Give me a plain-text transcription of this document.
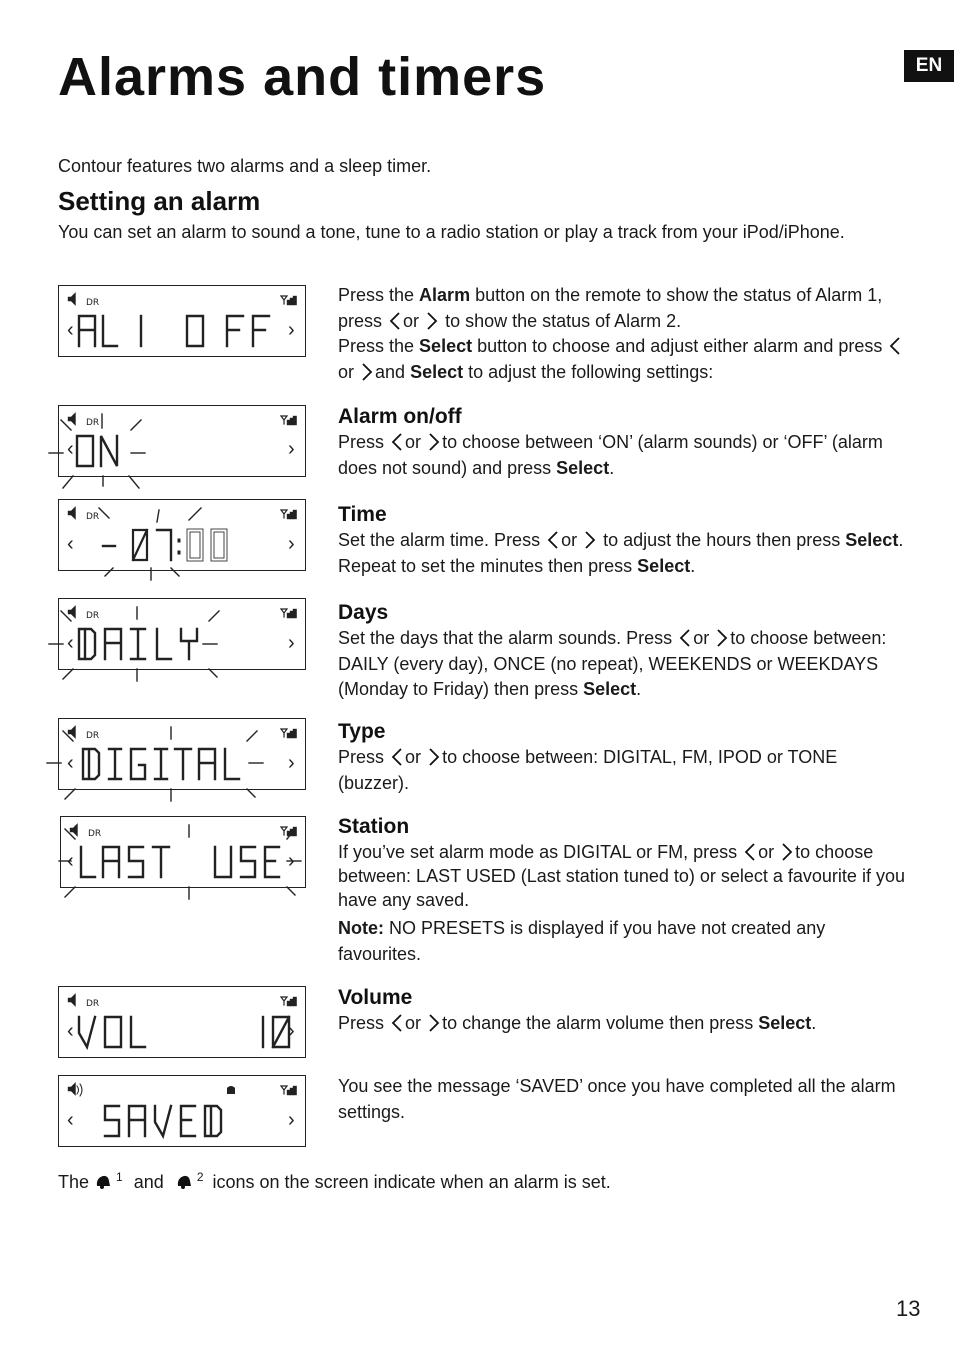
Alarms and timers	EN

Contour features two alarms and a sleep timer.

Setting an alarm

You can set an alarm to sound a tone, tune to a radio station or play a track from your iPod/iPhone.

DR
‹	›
DR
‹	›
DR
‹	›
DR
‹	›
DR
‹	›
DR
‹	›
DR
‹	›
‹	›

Press the Alarm button on the remote to show the status of Alarm 1, press or  to show the status of Alarm 2.

Press the Select button to choose and adjust either alarm and press or and Select to adjust the following settings:

Alarm on/off

Press or to choose between ‘ON’ (alarm sounds) or ‘OFF’ (alarm does not sound) and press Select.

Time

Set the alarm time. Press or  to adjust the hours then press Select. Repeat to set the minutes then press Select.

Days

Set the days that the alarm sounds. Press or to choose between: DAILY (every day), ONCE (no repeat), WEEKENDS or WEEKDAYS (Monday to Friday) then press Select.

Type

Press or to choose between: DIGITAL, FM, IPOD or TONE (buzzer).

Station

If you’ve set alarm mode as DIGITAL or FM, press or to choose between: LAST USED (Last station tuned to) or select a favourite if you have any saved.

Note: NO PRESETS is displayed if you have not created any favourites.

Volume

Press or to change the alarm volume then press Select.

You see the message ‘SAVED’ once you have completed all the alarm settings.

The $^1$ and	$^2$ icons on the screen indicate when an alarm is set.

13
